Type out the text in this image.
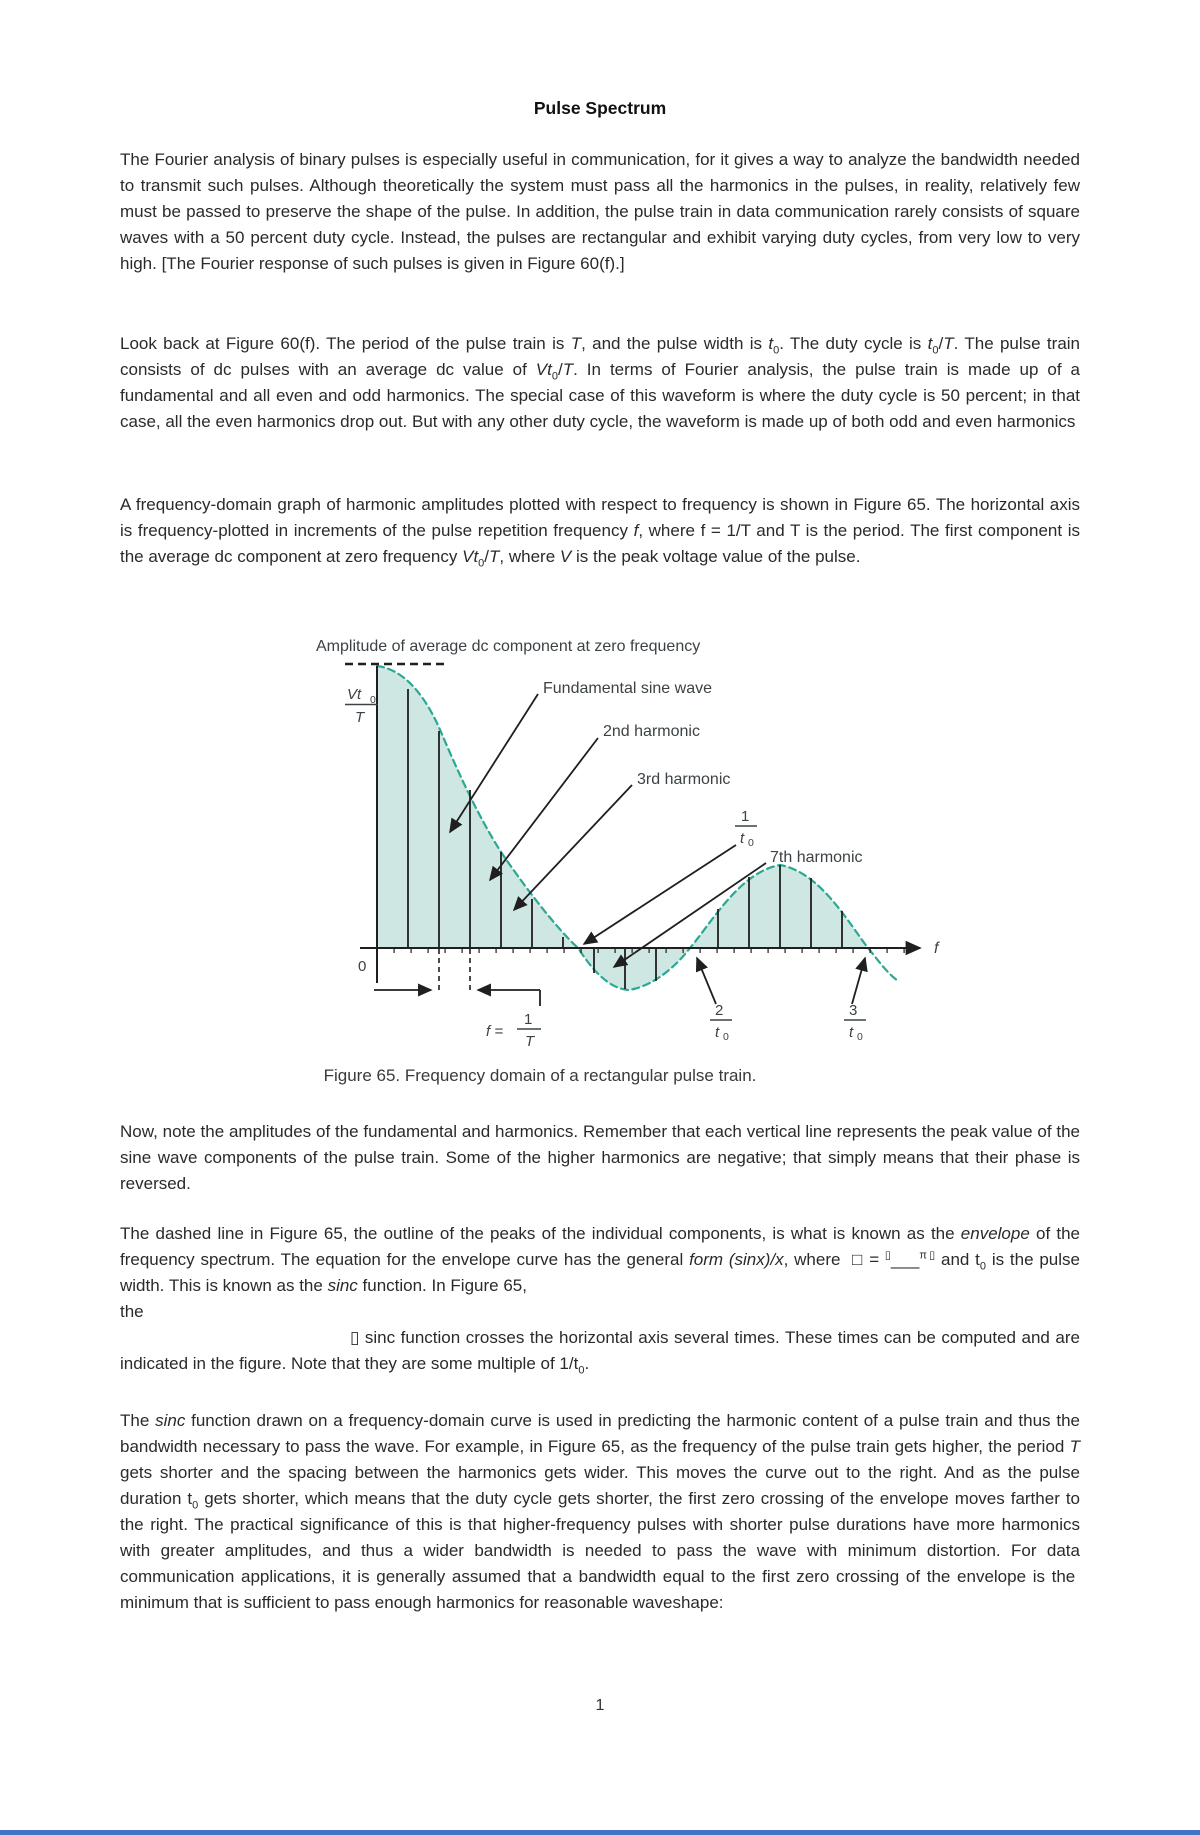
Pulse Spectrum

The Fourier analysis of binary pulses is especially useful in communication, for it gives a way to analyze the bandwidth needed to transmit such pulses. Although theoretically the system must pass all the harmonics in the pulses, in reality, relatively few must be passed to preserve the shape of the pulse. In addition, the pulse train in data communication rarely consists of square waves with a 50 percent duty cycle. Instead, the pulses are rectangular and exhibit varying duty cycles, from very low to very high. [The Fourier response of such pulses is given in Figure 60(f).]

Look back at Figure 60(f). The period of the pulse train is T, and the pulse width is $t_0$. The duty cycle is $t_0/T$. The pulse train consists of dc pulses with an average dc value of $Vt_0/T$. In terms of Fourier analysis, the pulse train is made up of a fundamental and all even and odd harmonics. The special case of this waveform is where the duty cycle is 50 percent; in that case, all the even harmonics drop out. But with any other duty cycle, the waveform is made up of both odd and even harmonics

A frequency-domain graph of harmonic amplitudes plotted with respect to frequency is shown in Figure 65. The horizontal axis is frequency-plotted in increments of the pulse repetition frequency f, where f = 1/T and T is the period. The first component is the average dc component at zero frequency $Vt_0/T$, where V is the peak voltage value of the pulse.

Amplitude of average dc component at zero frequency
Fundamental sine wave
2nd harmonic
3rd harmonic
7th harmonic
0
f
Vt 0
T
f =
1
T
1
t 0
2
t 0
3
t 0
Figure 65. Frequency domain of a rectangular pulse train.

Now, note the amplitudes of the fundamental and harmonics. Remember that each vertical line represents the peak value of the sine wave components of the pulse train. Some of the higher harmonics are negative; that simply means that their phase is reversed.

The dashed line in Figure 65, the outline of the peaks of the individual components, is what is known as the envelope of the frequency spectrum. The equation for the envelope curve has the general form (sinx)/x, where  □ = ▯___$^{\pi ▯}$ and $t_0$ is the pulse width. This is known as the sinc function. In Figure 65,
the
▯ sinc function crosses the horizontal axis several times. These times can be computed and are indicated in the figure. Note that they are some multiple of $1/t_0$.

The sinc function drawn on a frequency-domain curve is used in predicting the harmonic content of a pulse train and thus the bandwidth necessary to pass the wave. For example, in Figure 65, as the frequency of the pulse train gets higher, the period T gets shorter and the spacing between the harmonics gets wider. This moves the curve out to the right. And as the pulse duration $t_0$ gets shorter, which means that the duty cycle gets shorter, the first zero crossing of the envelope moves farther to the right. The practical significance of this is that higher-frequency pulses with shorter pulse durations have more harmonics with greater amplitudes, and thus a wider bandwidth is needed to pass the wave with minimum distortion. For data communication applications, it is generally assumed that a bandwidth equal to the first zero crossing of the envelope is the  minimum that is sufficient to pass enough harmonics for reasonable waveshape:

1
